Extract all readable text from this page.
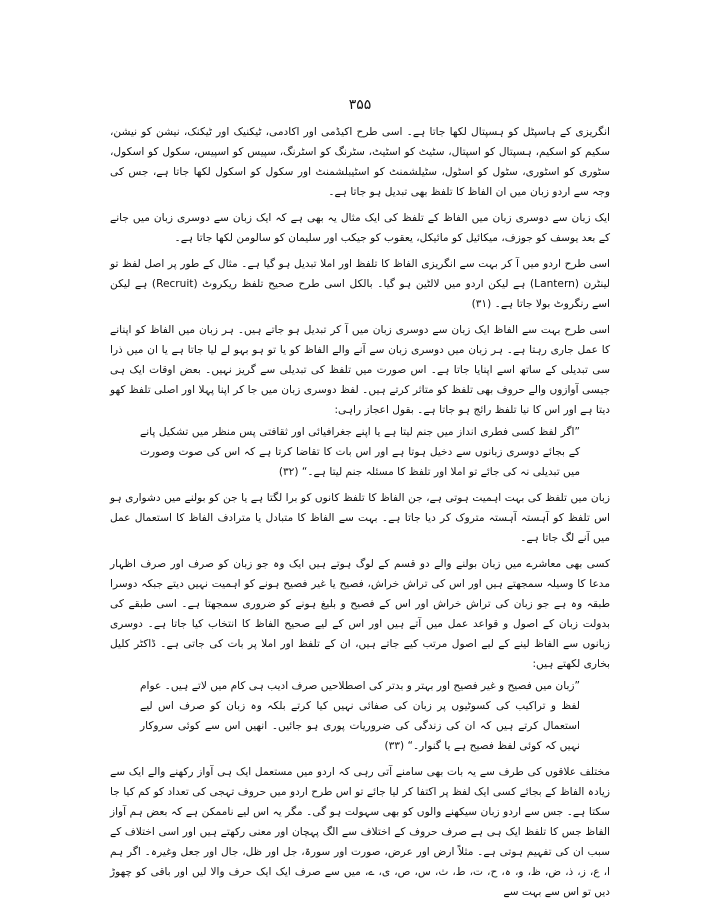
۳۵۵

انگریزی کے ہاسپٹل کو ہسپتال لکھا جاتا ہے۔ اسی طرح اکیڈمی اور اکادمی، ٹیکنیک اور ٹیکنک، نیشن کو نیشن، سکیم کو اسکیم، ہسپتال کو اسپتال، سٹیٹ کو اسٹیٹ، سٹرنگ کو اسٹرنگ، سپیس کو اسپیس، سکول کو اسکول، سٹوری کو اسٹوری، سٹول کو اسٹول، سٹیلشمنٹ کو اسٹیبلشمنٹ اور سکول کو اسکول لکھا جاتا ہے، جس کی وجہ سے اردو زبان میں ان الفاظ کا تلفظ بھی تبدیل ہو جاتا ہے۔

ایک زبان سے دوسری زبان میں الفاظ کے تلفظ کی ایک مثال یہ بھی ہے کہ ایک زبان سے دوسری زبان میں جانے کے بعد یوسف کو جوزف، میکائیل کو مائیکل، یعقوب کو جیکب اور سلیمان کو سالومن لکھا جاتا ہے۔

اسی طرح اردو میں آ کر بہت سے انگریزی الفاظ کا تلفظ اور املا تبدیل ہو گیا ہے۔ مثال کے طور پر اصل لفظ تو لینٹرن (Lantern) ہے لیکن اردو میں لالٹین ہو گیا۔ بالکل اسی طرح صحیح تلفظ ریکروٹ (Recruit) ہے لیکن اسے رنگروٹ بولا جاتا ہے۔ (۳۱)

اسی طرح بہت سے الفاظ ایک زبان سے دوسری زبان میں آ کر تبدیل ہو جاتے ہیں۔ ہر زبان میں الفاظ کو اپنانے کا عمل جاری رہتا ہے۔ ہر زبان میں دوسری زبان سے آنے والے الفاظ کو یا تو ہو بہو لے لیا جاتا ہے یا ان میں ذرا سی تبدیلی کے ساتھ اسے اپنایا جاتا ہے۔ اس صورت میں تلفظ کی تبدیلی سے گریز نہیں۔ بعض اوقات ایک ہی جیسی آوازوں والے حروف بھی تلفظ کو متاثر کرتے ہیں۔ لفظ دوسری زبان میں جا کر اپنا پہلا اور اصلی تلفظ کھو دیتا ہے اور اس کا نیا تلفظ رائج ہو جاتا ہے۔ بقول اعجاز راہی:

”اگر لفظ کسی فطری انداز میں جنم لیتا ہے یا اپنے جغرافیائی اور ثقافتی پس منظر میں تشکیل پانے کے بجائے دوسری زبانوں سے دخیل ہوتا ہے اور اس بات کا تقاضا کرتا ہے کہ اس کی صوت وصورت میں تبدیلی نہ کی جائے تو املا اور تلفظ کا مسئلہ جنم لیتا ہے۔“ (۳۲)

زبان میں تلفظ کی بہت اہمیت ہوتی ہے، جن الفاظ کا تلفظ کانوں کو برا لگتا ہے یا جن کو بولنے میں دشواری ہو اس تلفظ کو آہستہ آہستہ متروک کر دیا جاتا ہے۔ بہت سے الفاظ کا متبادل یا مترادف الفاظ کا استعمال عمل میں آنے لگ جاتا ہے۔

کسی بھی معاشرے میں زبان بولنے والے دو قسم کے لوگ ہوتے ہیں ایک وہ جو زبان کو صرف اور صرف اظہار مدعا کا وسیلہ سمجھتے ہیں اور اس کی تراش خراش، فصیح یا غیر فصیح ہونے کو اہمیت نہیں دیتے جبکہ دوسرا طبقہ وہ ہے جو زبان کی تراش خراش اور اس کے فصیح و بلیغ ہونے کو ضروری سمجھتا ہے۔ اسی طبقے کی بدولت زبان کے اصول و قواعد عمل میں آتے ہیں اور اس کے لیے صحیح الفاظ کا انتخاب کیا جاتا ہے۔ دوسری زبانوں سے الفاظ لینے کے لیے اصول مرتب کیے جاتے ہیں، ان کے تلفظ اور املا پر بات کی جاتی ہے۔ ڈاکٹر کلیل بخاری لکھتے ہیں:

”زبان میں فصیح و غیر فصیح اور بہتر و بدتر کی اصطلاحیں صرف ادیب ہی کام میں لاتے ہیں۔ عوام لفظ و تراکیب کی کسوٹیوں پر زبان کی صفائی نہیں کیا کرتے بلکہ وہ زبان کو صرف اس لیے استعمال کرتے ہیں کہ ان کی زندگی کی ضروریات پوری ہو جائیں۔ انھیں اس سے کوئی سروکار نہیں کہ کوئی لفظ فصیح ہے یا گنوار۔“ (۳۳)

مختلف علاقوں کی طرف سے یہ بات بھی سامنے آتی رہی کہ اردو میں مستعمل ایک ہی آواز رکھنے والے ایک سے زیادہ الفاظ کے بجائے کسی ایک لفظ پر اکتفا کر لیا جائے تو اس طرح اردو میں حروف تہجی کی تعداد کو کم کیا جا سکتا ہے۔ جس سے اردو زبان سیکھنے والوں کو بھی سہولت ہو گی۔ مگر یہ اس لیے ناممکن ہے کہ بعض ہم آواز الفاظ جس کا تلفظ ایک ہی ہے صرف حروف کے اختلاف سے الگ پہچان اور معنی رکھتے ہیں اور اسی اختلاف کے سبب ان کی تفہیم ہوتی ہے۔ مثلاً ارض اور عرض، صورت اور سورۃ، جل اور ظل، جال اور جعل وغیرہ۔ اگر ہم ا، ع، ز، ذ، ض، ظ، و، ہ، ح، ت، ط، ث، س، ص، ی، ے، میں سے صرف ایک ایک حرف والا لیں اور باقی کو چھوڑ دیں تو اس سے بہت سے
